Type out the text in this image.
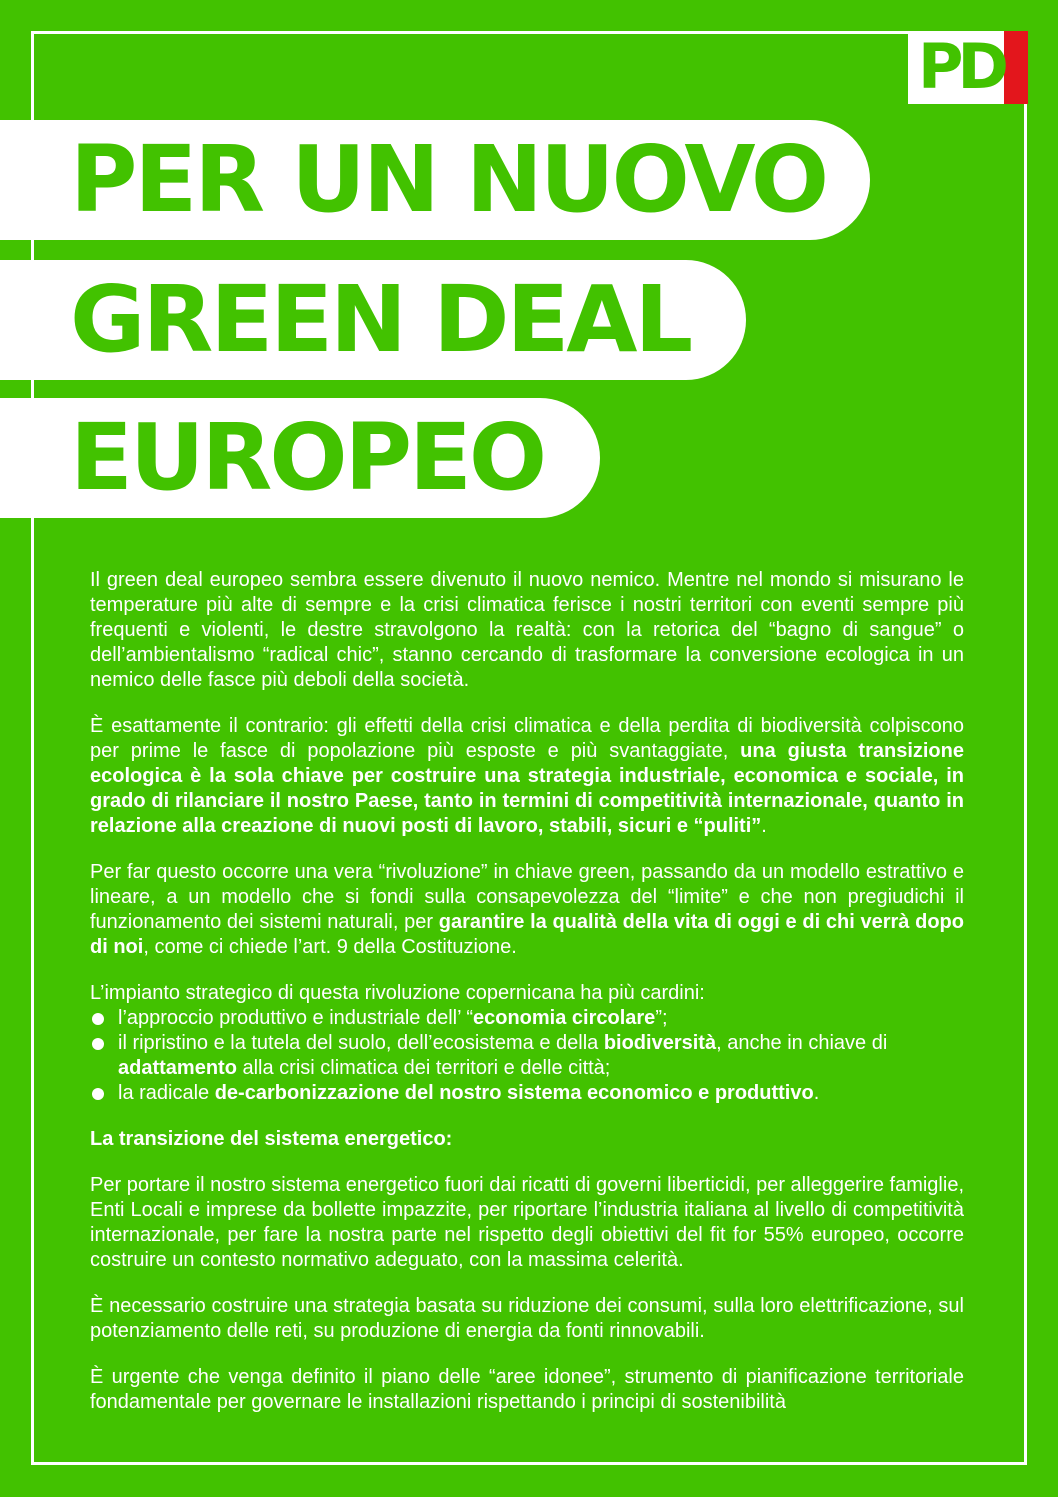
PD
PER UN NUOVO
GREEN DEAL
EUROPEO

Il green deal europeo sembra essere divenuto il nuovo nemico. Mentre nel mondo si misurano le temperature più alte di sempre e la crisi climatica ferisce i nostri territori con eventi sempre più frequenti e violenti, le destre stravolgono la realtà: con la retorica del “bagno di sangue” o dell’ambientalismo “radical chic”, stanno cercando di trasformare la conversione ecologica in un nemico delle fasce più deboli della società.

È esattamente il contrario: gli effetti della crisi climatica e della perdita di biodiversità colpiscono per prime le fasce di popolazione più esposte e più svantaggiate, una giusta transizione ecologica è la sola chiave per costruire una strategia industriale, economica e sociale, in grado di rilanciare il nostro Paese, tanto in termini di competitività internazionale, quanto in relazione alla creazione di nuovi posti di lavoro, stabili, sicuri e “puliti”.

Per far questo occorre una vera “rivoluzione” in chiave green, passando da un modello estrattivo e lineare, a un modello che si fondi sulla consapevolezza del “limite” e che non pregiudichi il funzionamento dei sistemi naturali, per garantire la qualità della vita di oggi e di chi verrà dopo di noi, come ci chiede l’art. 9 della Costituzione.

L’impianto strategico di questa rivoluzione copernicana ha più cardini:

l’approccio produttivo e industriale dell’ “economia circolare”;
il ripristino e la tutela del suolo, dell’ecosistema e della biodiversità, anche in chiave di adattamento alla crisi climatica dei territori e delle città;
la radicale de-carbonizzazione del nostro sistema economico e produttivo.

La transizione del sistema energetico:

Per portare il nostro sistema energetico fuori dai ricatti di governi liberticidi, per alleggerire famiglie, Enti Locali e imprese da bollette impazzite, per riportare l’industria italiana al livello di competitività internazionale, per fare la nostra parte nel rispetto degli obiettivi del fit for 55% europeo, occorre costruire un contesto normativo adeguato, con la massima celerità.

È necessario costruire una strategia basata su riduzione dei consumi, sulla loro elettrificazione, sul potenziamento delle reti, su produzione di energia da fonti rinnovabili.

È urgente che venga definito il piano delle “aree idonee”, strumento di pianificazione territoriale fondamentale per governare le installazioni rispettando i principi di sostenibilità
